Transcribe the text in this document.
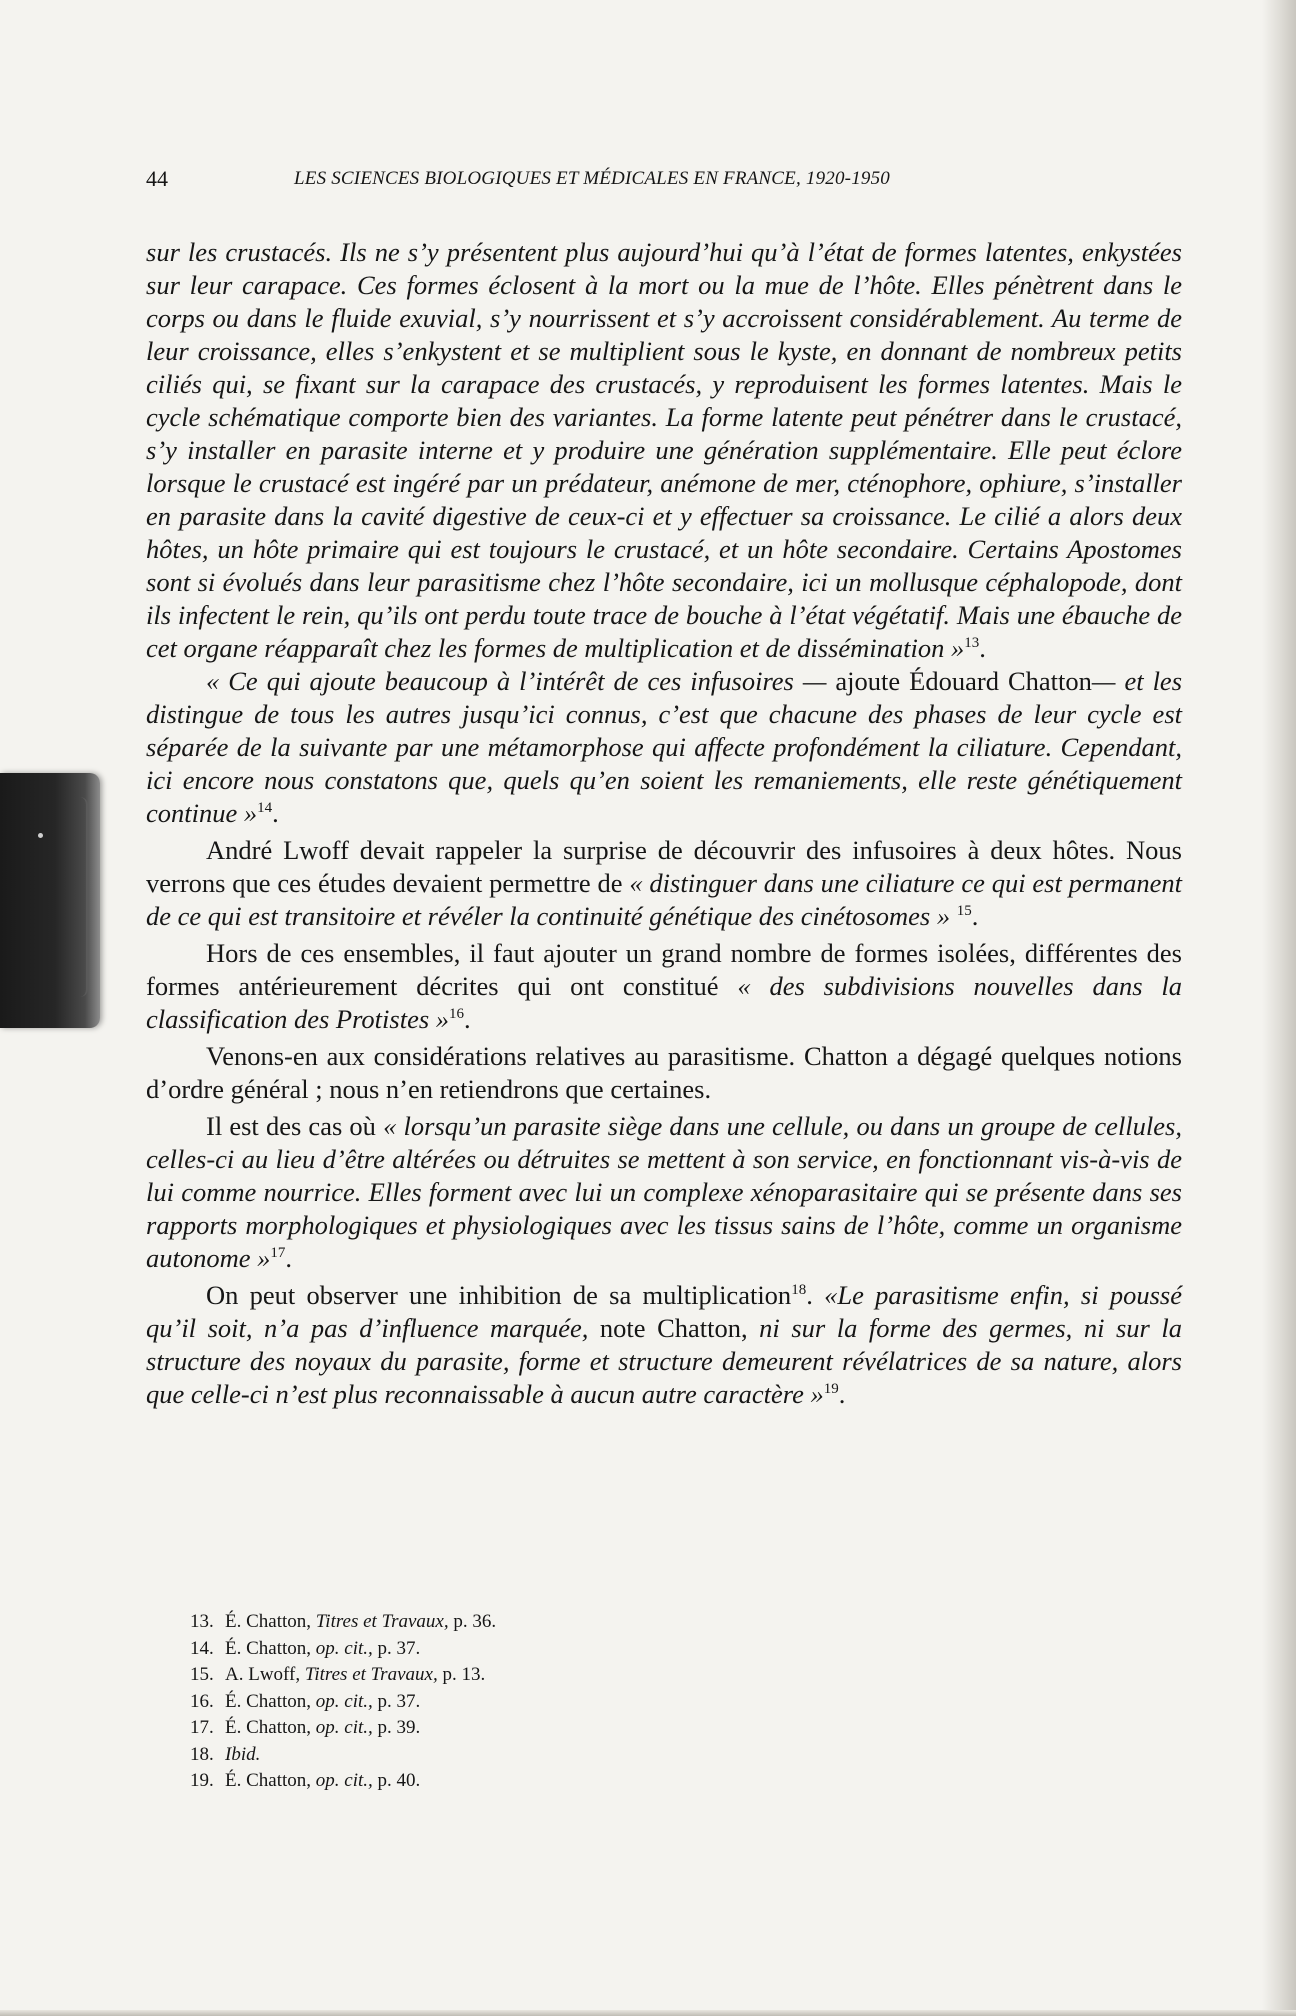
44	LES SCIENCES BIOLOGIQUES ET MÉDICALES EN FRANCE, 1920-1950

sur les crustacés. Ils ne s’y présentent plus aujourd’hui qu’à l’état de formes latentes, enkystées sur leur carapace. Ces formes éclosent à la mort ou la mue de l’hôte. Elles pénètrent dans le corps ou dans le fluide exuvial, s’y nourrissent et s’y accroissent considérablement. Au terme de leur croissance, elles s’enkystent et se multiplient sous le kyste, en donnant de nombreux petits ciliés qui, se fixant sur la carapace des crustacés, y reproduisent les formes latentes. Mais le cycle schématique comporte bien des variantes. La forme latente peut pénétrer dans le crustacé, s’y installer en parasite interne et y produire une génération supplémentaire. Elle peut éclore lorsque le crustacé est ingéré par un prédateur, anémone de mer, cténophore, ophiure, s’installer en parasite dans la cavité digestive de ceux-ci et y effectuer sa croissance. Le cilié a alors deux hôtes, un hôte primaire qui est toujours le crustacé, et un hôte secondaire. Certains Apostomes sont si évolués dans leur parasitisme chez l’hôte secondaire, ici un mollusque céphalopode, dont ils infectent le rein, qu’ils ont perdu toute trace de bouche à l’état végétatif. Mais une ébauche de cet organe réapparaît chez les formes de multiplication et de dissémination »$^{13}$.

« Ce qui ajoute beaucoup à l’intérêt de ces infusoires — ajoute Édouard Chatton— et les distingue de tous les autres jusqu’ici connus, c’est que chacune des phases de leur cycle est séparée de la suivante par une métamorphose qui affecte profondément la ciliature. Cependant, ici encore nous constatons que, quels qu’en soient les remaniements, elle reste génétiquement continue »$^{14}$.

André Lwoff devait rappeler la surprise de découvrir des infusoires à deux hôtes. Nous verrons que ces études devaient permettre de « distinguer dans une ciliature ce qui est permanent de ce qui est transitoire et révéler la continuité génétique des cinétosomes » $^{15}$.

Hors de ces ensembles, il faut ajouter un grand nombre de formes isolées, différentes des formes antérieurement décrites qui ont constitué « des subdivisions nouvelles dans la classification des Protistes »$^{16}$.

Venons-en aux considérations relatives au parasitisme. Chatton a dégagé quelques notions d’ordre général ; nous n’en retiendrons que certaines.

Il est des cas où « lorsqu’un parasite siège dans une cellule, ou dans un groupe de cellules, celles-ci au lieu d’être altérées ou détruites se mettent à son service, en fonctionnant vis-à-vis de lui comme nourrice. Elles forment avec lui un complexe xénoparasitaire qui se présente dans ses rapports morphologiques et physiologiques avec les tissus sains de l’hôte, comme un organisme autonome »$^{17}$.

On peut observer une inhibition de sa multiplication$^{18}$. «Le parasitisme enfin, si poussé qu’il soit, n’a pas d’influence marquée, note Chatton, ni sur la forme des germes, ni sur la structure des noyaux du parasite, forme et structure demeurent révélatrices de sa nature, alors que celle-ci n’est plus reconnaissable à aucun autre caractère »$^{19}$.

13. É. Chatton, Titres et Travaux, p. 36.
14. É. Chatton, op. cit., p. 37.
15. A. Lwoff, Titres et Travaux, p. 13.
16. É. Chatton, op. cit., p. 37.
17. É. Chatton, op. cit., p. 39.
18. Ibid.
19. É. Chatton, op. cit., p. 40.
